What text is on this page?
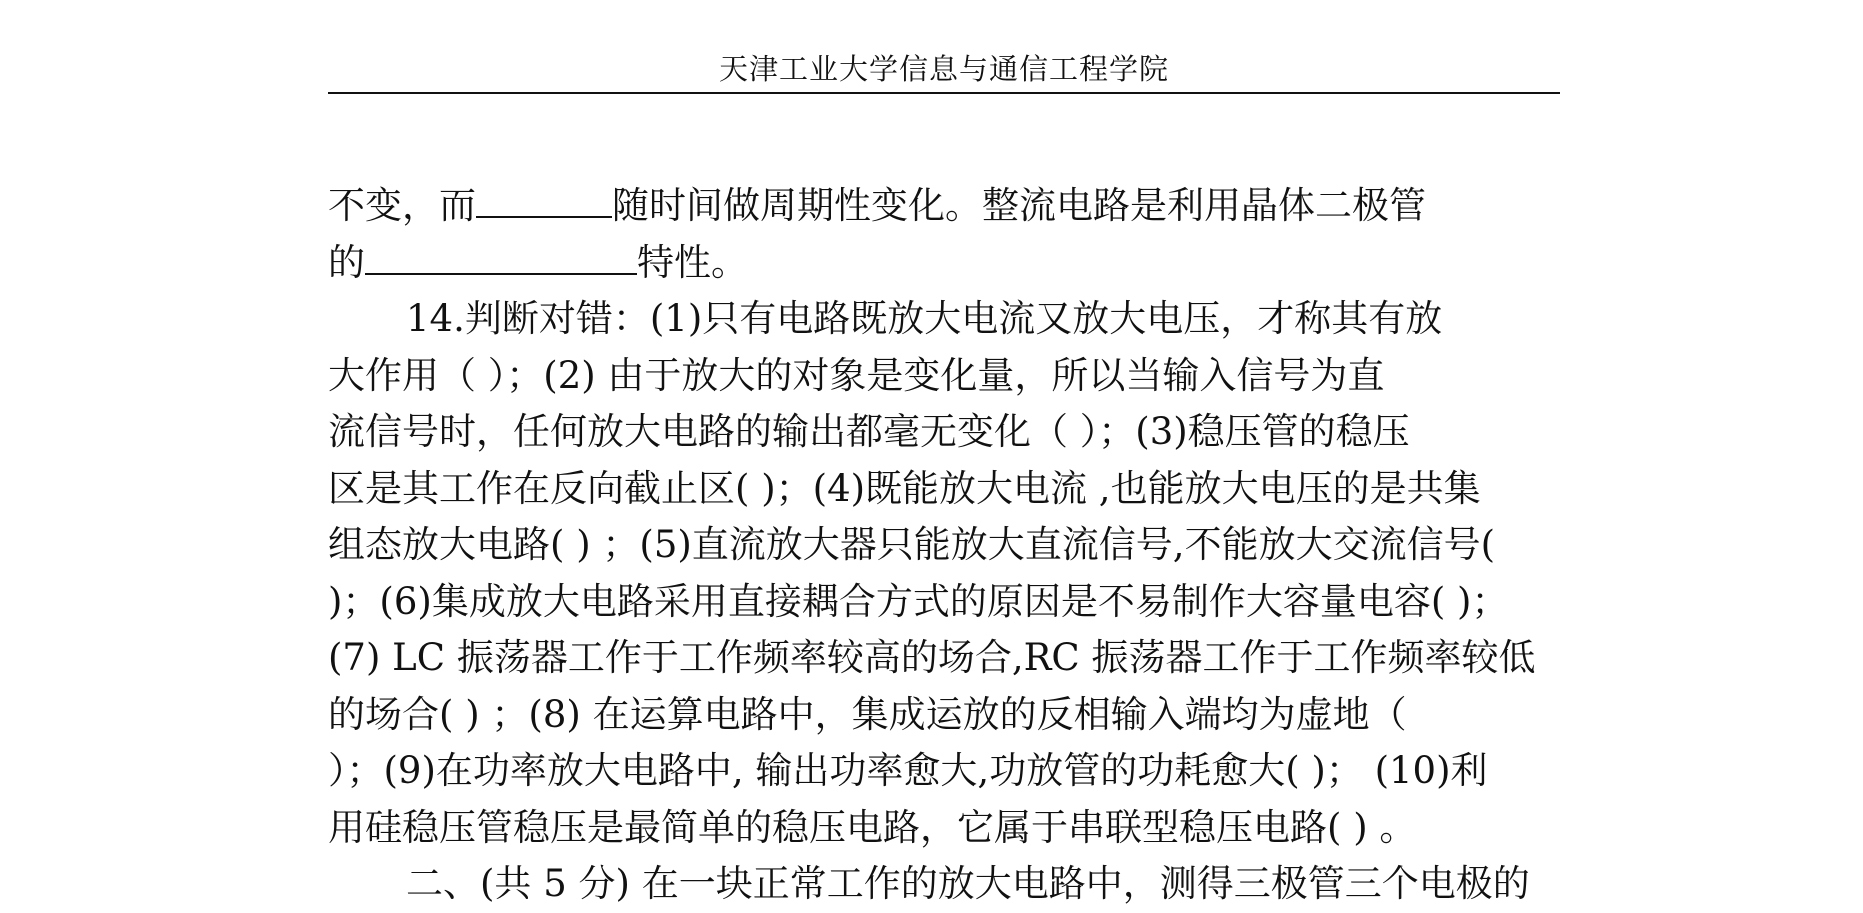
天津工业大学信息与通信工程学院
不变，而	随时间做周期性变化。整流电路是利用晶体二极管
的	特性。
14.判断对错：(1)只有电路既放大电流又放大电压，才称其有放
大作用（ ）；(2) 由于放大的对象是变化量，所以当输入信号为直
流信号时，任何放大电路的输出都毫无变化（ ）；(3)稳压管的稳压
区是其工作在反向截止区( )；(4)既能放大电流 ,也能放大电压的是共集
组态放大电路( ) ；(5)直流放大器只能放大直流信号,不能放大交流信号(
)；(6)集成放大电路采用直接耦合方式的原因是不易制作大容量电容( )；
(7) LC 振荡器工作于工作频率较高的场合,RC 振荡器工作于工作频率较低
的场合( ) ；(8) 在运算电路中，集成运放的反相输入端均为虚地（
）；(9)在功率放大电路中, 输出功率愈大,功放管的功耗愈大( )； (10)利
用硅稳压管稳压是最简单的稳压电路，它属于串联型稳压电路( ) 。
二、(共 5 分) 在一块正常工作的放大电路中，测得三极管三个电极的
